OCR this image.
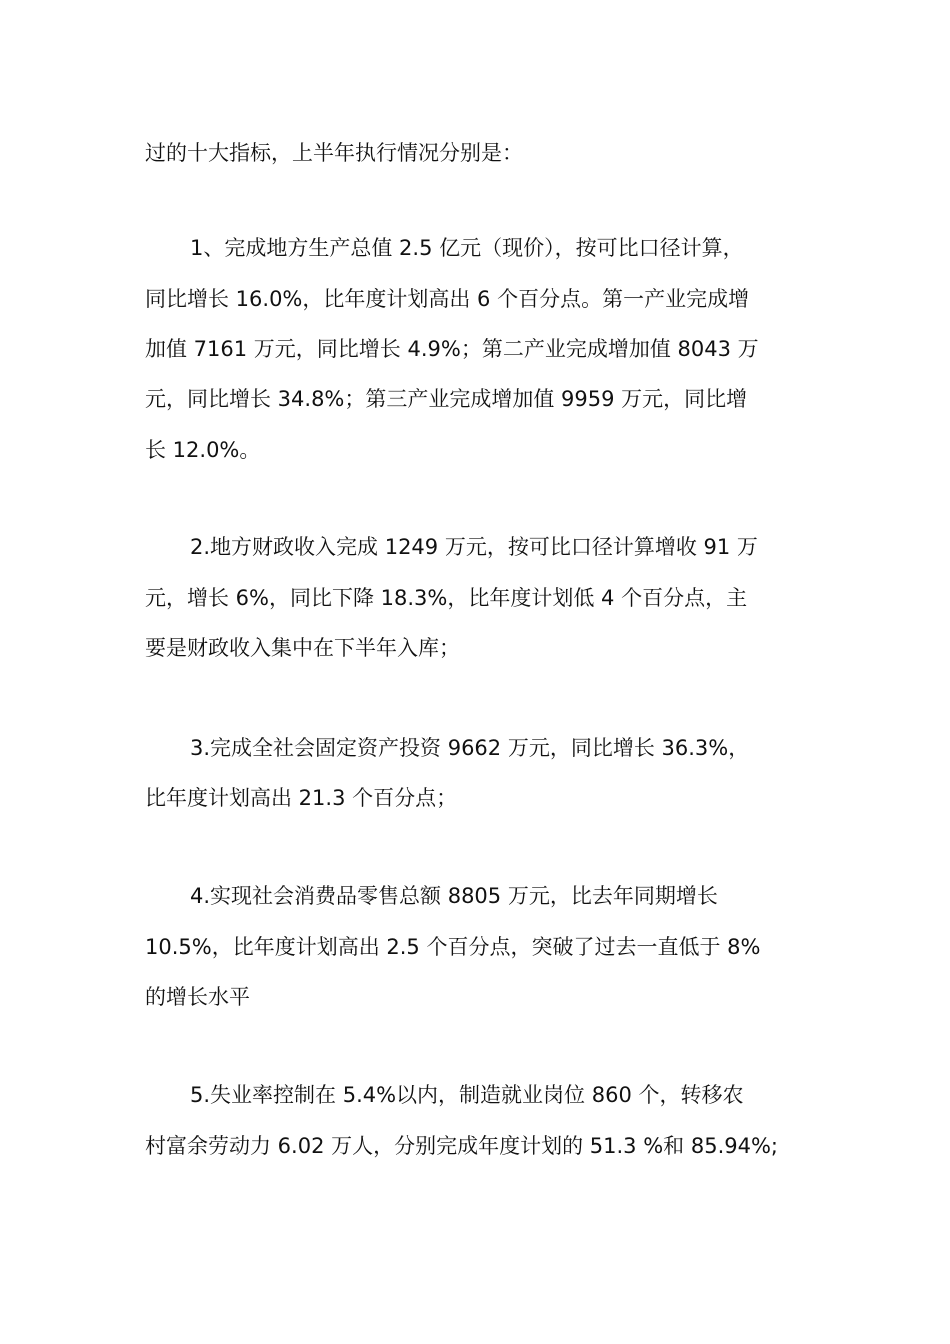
过的十大指标，上半年执行情况分别是：
1、完成地方生产总值 2.5 亿元（现价），按可比口径计算，
同比增长 16.0%，比年度计划高出 6 个百分点。第一产业完成增
加值 7161 万元，同比增长 4.9%；第二产业完成增加值 8043 万
元，同比增长 34.8%；第三产业完成增加值 9959 万元，同比增
长 12.0%。
2.地方财政收入完成 1249 万元，按可比口径计算增收 91 万
元，增长 6%，同比下降 18.3%，比年度计划低 4 个百分点，主
要是财政收入集中在下半年入库；
3.完成全社会固定资产投资 9662 万元，同比增长 36.3%，
比年度计划高出 21.3 个百分点；
4.实现社会消费品零售总额 8805 万元，比去年同期增长
10.5%，比年度计划高出 2.5 个百分点，突破了过去一直低于 8%
的增长水平
5.失业率控制在 5.4%以内，制造就业岗位 860 个，转移农
村富余劳动力 6.02 万人，分别完成年度计划的 51.3 %和 85.94%;
